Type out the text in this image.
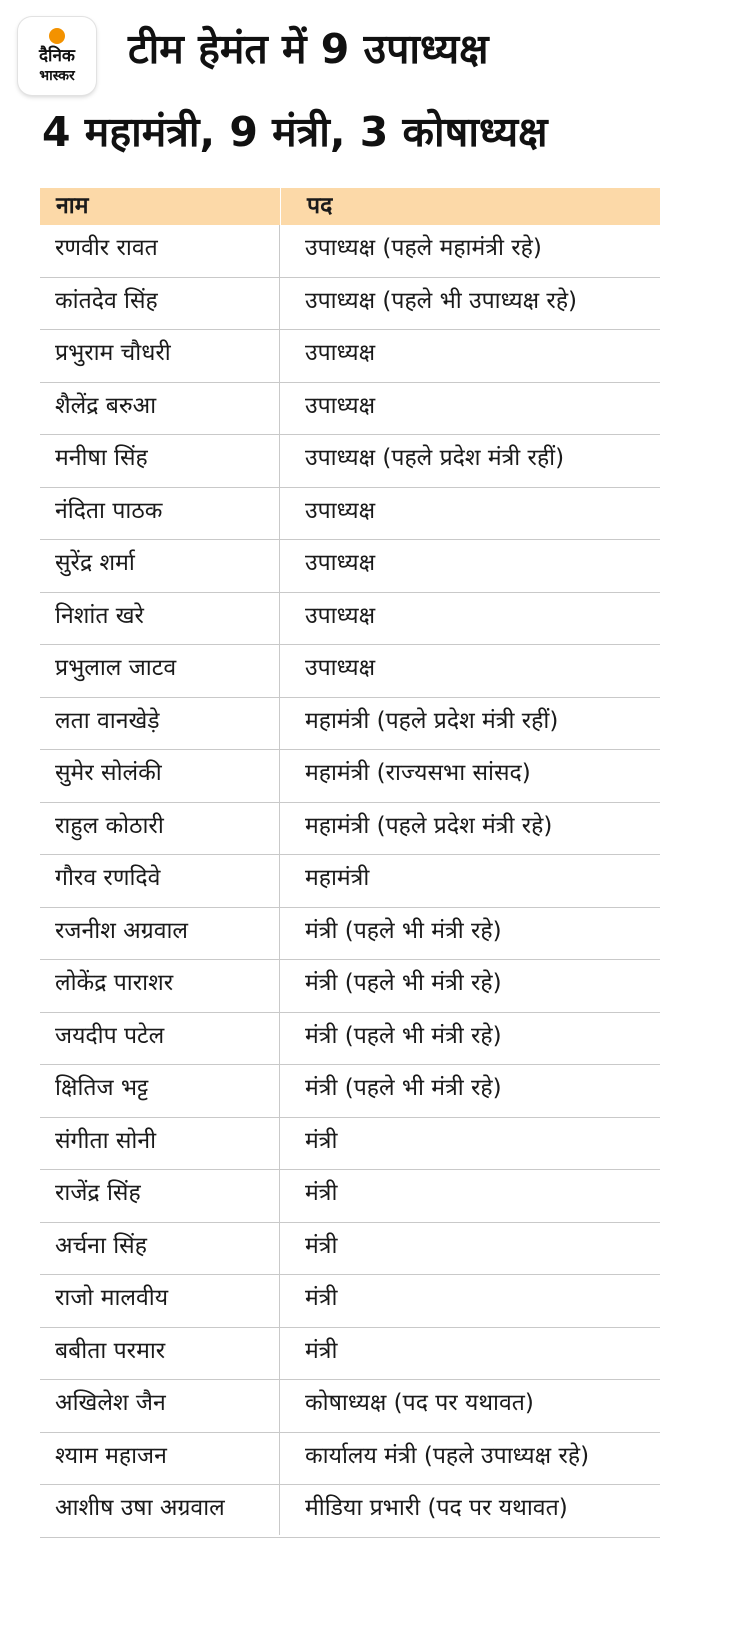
दैनिक
भास्कर
टीम हेमंत में 9 उपाध्यक्ष
4 महामंत्री, 9 मंत्री, 3 कोषाध्यक्ष
नाम	पद
रणवीर रावत	उपाध्यक्ष (पहले महामंत्री रहे)
कांतदेव सिंह	उपाध्यक्ष (पहले भी उपाध्यक्ष रहे)
प्रभुराम चौधरी	उपाध्यक्ष
शैलेंद्र बरुआ	उपाध्यक्ष
मनीषा सिंह	उपाध्यक्ष (पहले प्रदेश मंत्री रहीं)
नंदिता पाठक	उपाध्यक्ष
सुरेंद्र शर्मा	उपाध्यक्ष
निशांत खरे	उपाध्यक्ष
प्रभुलाल जाटव	उपाध्यक्ष
लता वानखेड़े	महामंत्री (पहले प्रदेश मंत्री रहीं)
सुमेर सोलंकी	महामंत्री (राज्यसभा सांसद)
राहुल कोठारी	महामंत्री (पहले प्रदेश मंत्री रहे)
गौरव रणदिवे	महामंत्री
रजनीश अग्रवाल	मंत्री (पहले भी मंत्री रहे)
लोकेंद्र पाराशर	मंत्री (पहले भी मंत्री रहे)
जयदीप पटेल	मंत्री (पहले भी मंत्री रहे)
क्षितिज भट्ट	मंत्री (पहले भी मंत्री रहे)
संगीता सोनी	मंत्री
राजेंद्र सिंह	मंत्री
अर्चना सिंह	मंत्री
राजो मालवीय	मंत्री
बबीता परमार	मंत्री
अखिलेश जैन	कोषाध्यक्ष (पद पर यथावत)
श्याम महाजन	कार्यालय मंत्री (पहले उपाध्यक्ष रहे)
आशीष उषा अग्रवाल	मीडिया प्रभारी (पद पर यथावत)
